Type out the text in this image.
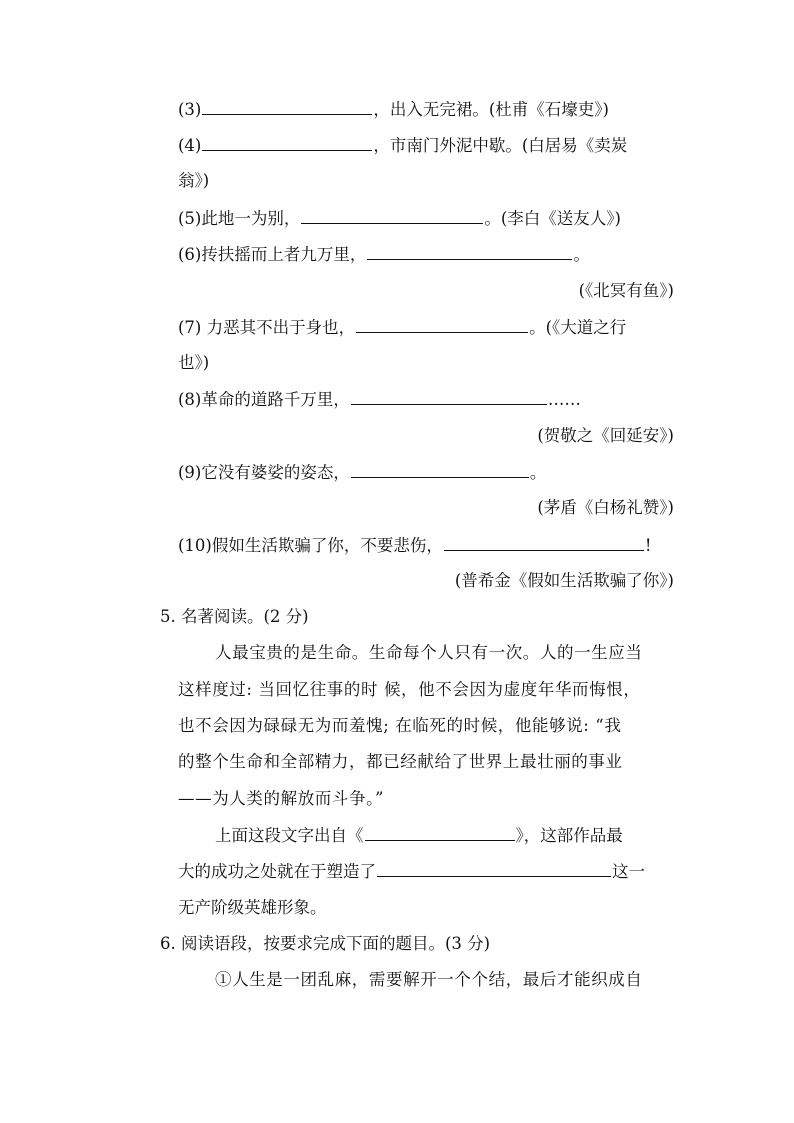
(3)	，出入无完裙。(杜甫《石壕吏》)
(4)	，市南门外泥中歇。(白居易《卖炭
翁》)
(5)此地一为别，	。(李白《送友人》)
(6)抟扶摇而上者九万里，	。
(《北冥有鱼》)
(7) 力恶其不出于身也，	。(《大道之行
也》)
(8)革命的道路千万里，	……
(贺敬之《回延安》)
(9)它没有婆娑的姿态，	。
(茅盾《白杨礼赞》)
(10)假如生活欺骗了你，不要悲伤，	!
(普希金《假如生活欺骗了你》)
5. 名著阅读。(2 分)
人最宝贵的是生命。生命每个人只有一次。人的一生应当
这样度过: 当回忆往事的时 候，他不会因为虚度年华而悔恨，
也不会因为碌碌无为而羞愧; 在临死的时候，他能够说: “我
的整个生命和全部精力，都已经献给了世界上最壮丽的事业
——为人类的解放而斗争。”
上面这段文字出自《	》，这部作品最
大的成功之处就在于塑造了	这一
无产阶级英雄形象。
6. 阅读语段，按要求完成下面的题目。(3 分)
①人生是一团乱麻，需要解开一个个结，最后才能织成自
